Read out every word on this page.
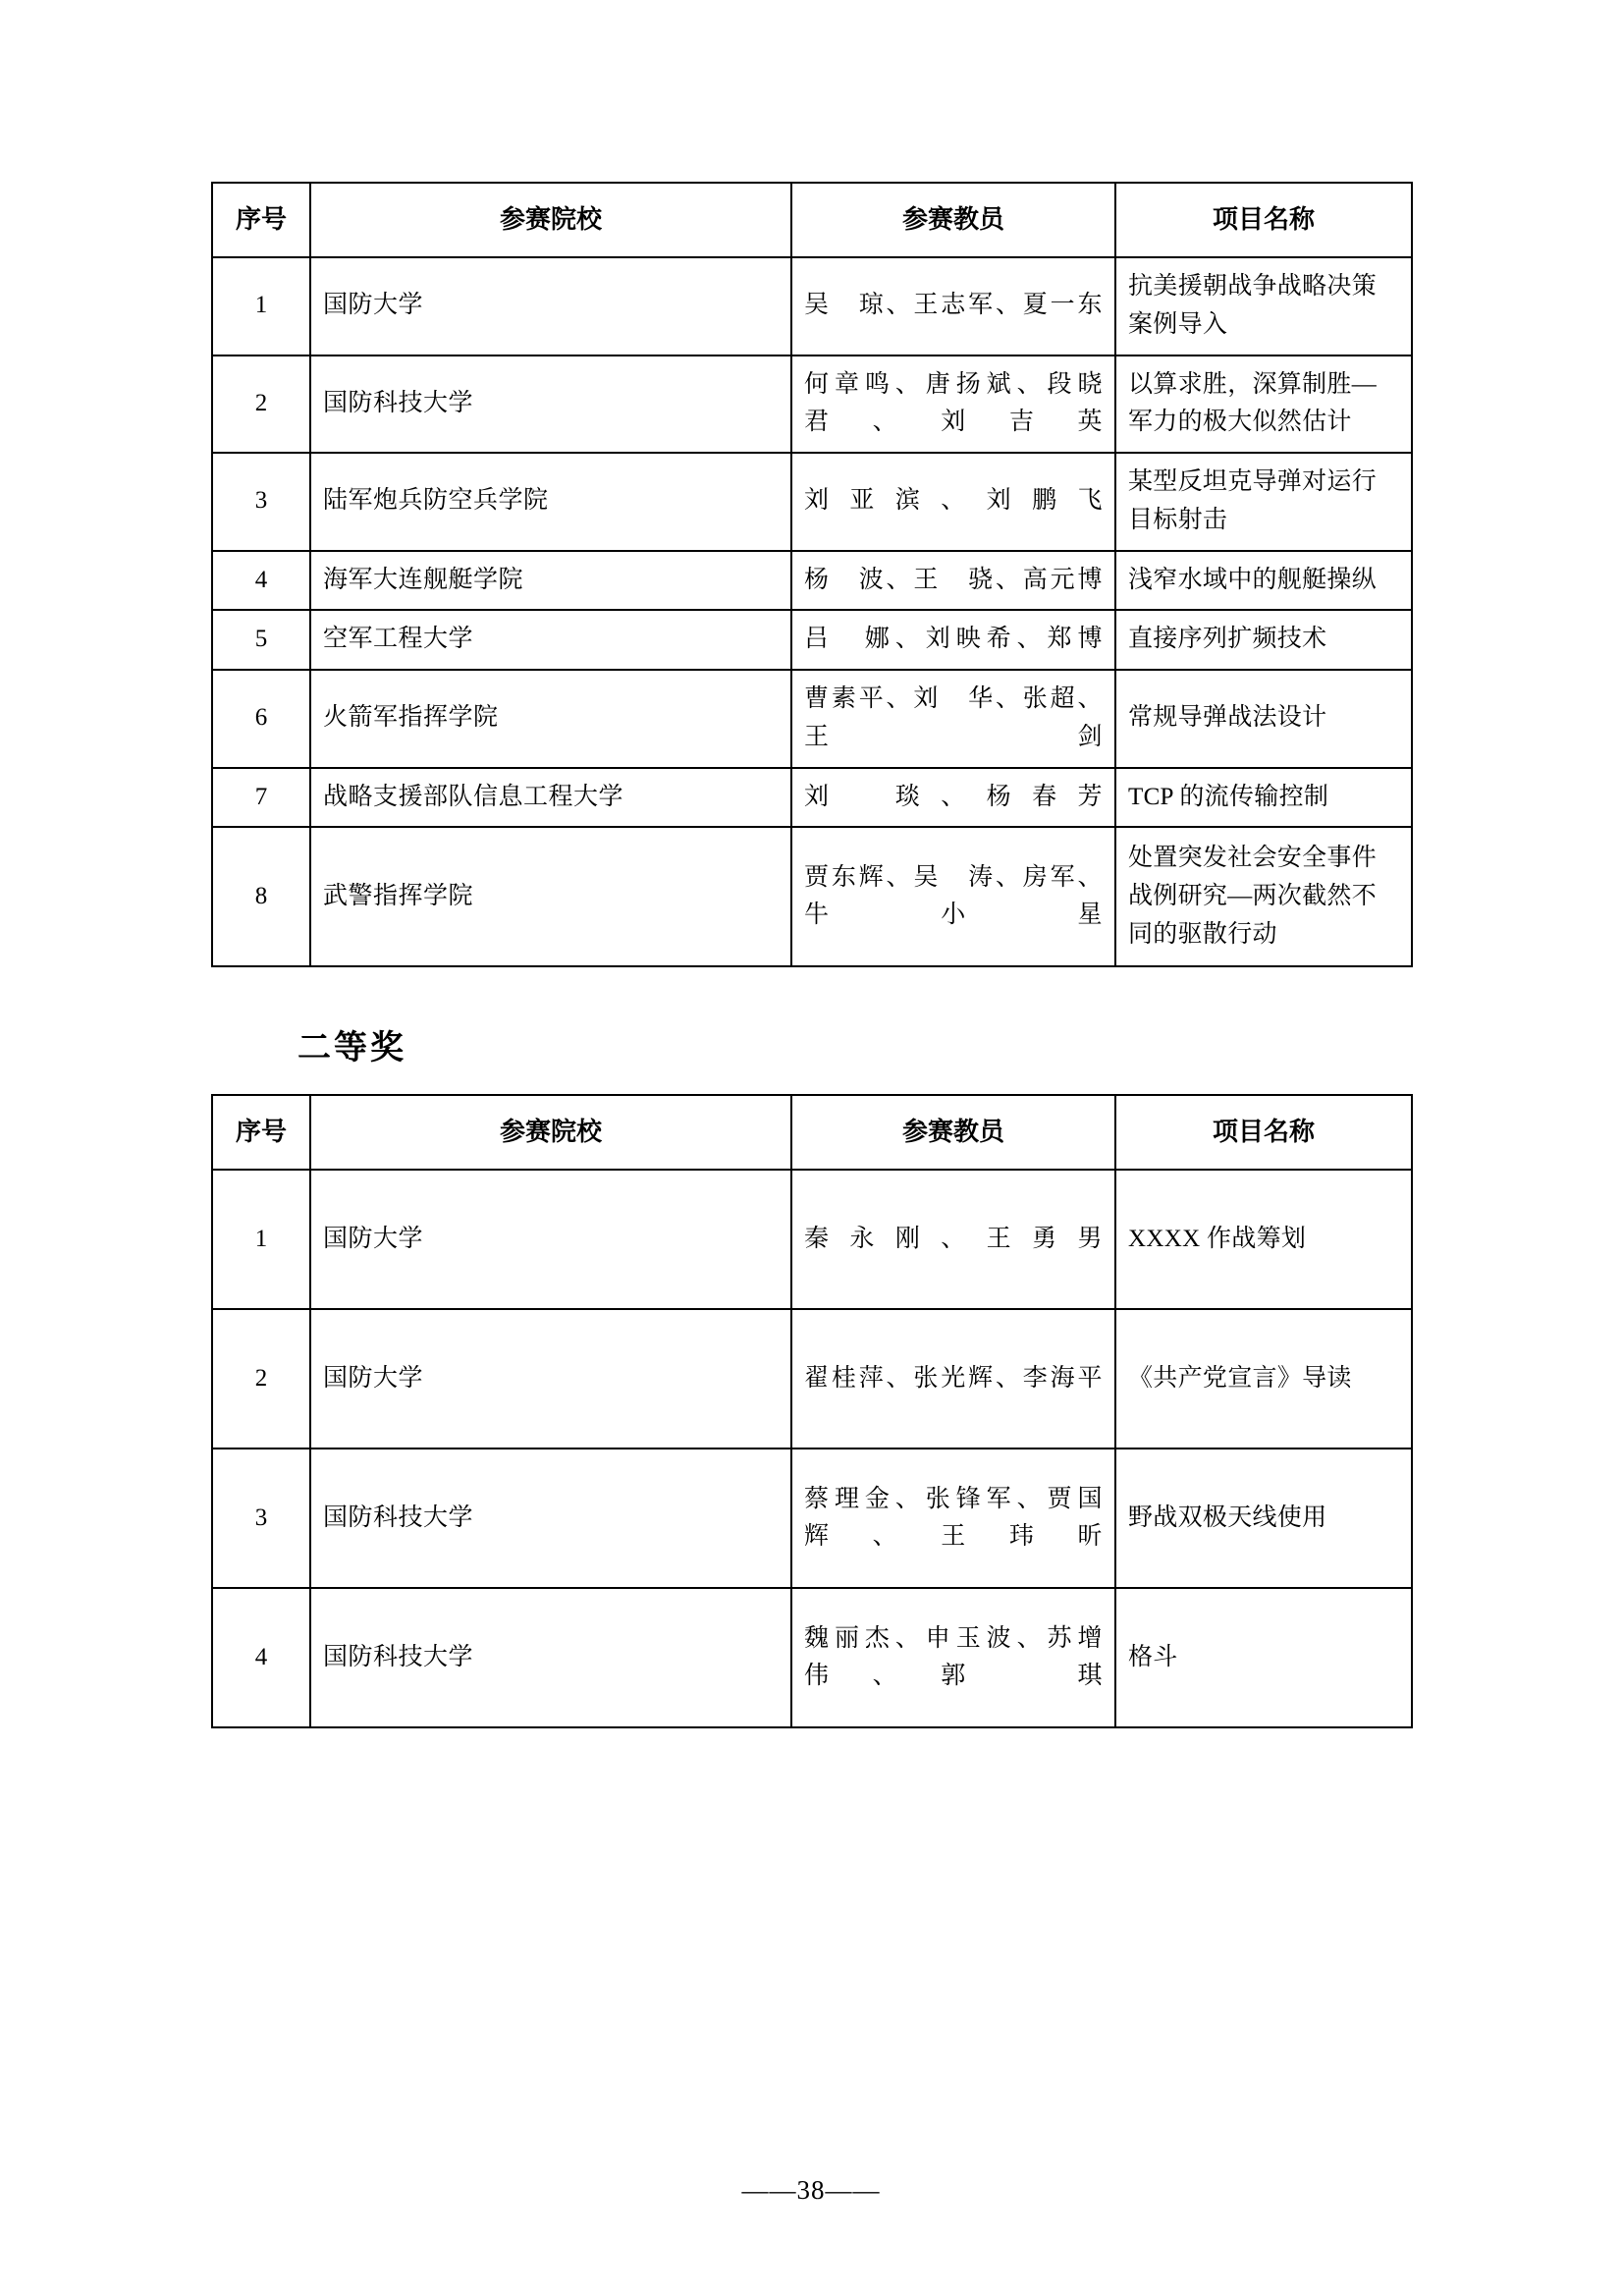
序号	参赛院校	参赛教员	项目名称
1	国防大学	吴　琼、王志军、夏一东	抗美援朝战争战略决策案例导入
2	国防科技大学	何章鸣、唐扬斌、段晓君、刘吉英	以算求胜，深算制胜—军力的极大似然估计
3	陆军炮兵防空兵学院	刘亚滨、刘鹏飞	某型反坦克导弹对运行目标射击
4	海军大连舰艇学院	杨　波、王　骁、高元博	浅窄水域中的舰艇操纵
5	空军工程大学	吕　娜、刘映希、郑博	直接序列扩频技术
6	火箭军指挥学院	曹素平、刘　华、张超、王　剑	常规导弹战法设计
7	战略支援部队信息工程大学	刘　琰、杨春芳	TCP 的流传输控制
8	武警指挥学院	贾东辉、吴　涛、房军、牛小星	处置突发社会安全事件战例研究—两次截然不同的驱散行动
二等奖
序号	参赛院校	参赛教员	项目名称
1	国防大学	秦永刚、王勇男	XXXX 作战筹划
2	国防大学	翟桂萍、张光辉、李海平	《共产党宣言》导读
3	国防科技大学	蔡理金、张锋军、贾国辉、王玮昕	野战双极天线使用
4	国防科技大学	魏丽杰、申玉波、苏增伟、郭　琪	格斗
——38——
